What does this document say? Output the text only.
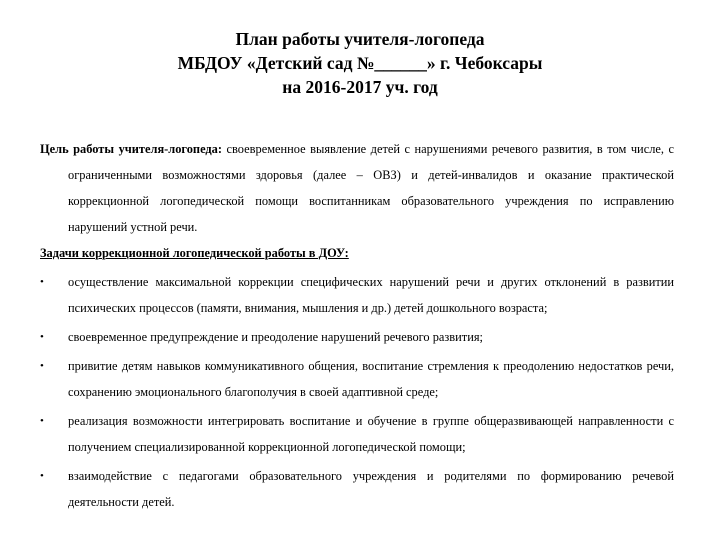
План работы учителя-логопеда
МБДОУ «Детский сад №______» г. Чебоксары
на 2016-2017 уч. год
Цель работы учителя-логопеда: своевременное выявление детей с нарушениями речевого развития, в том числе, с ограниченными возможностями здоровья (далее – ОВЗ) и детей-инвалидов и оказание практической коррекционной логопедической помощи воспитанникам образовательного учреждения по исправлению нарушений устной речи.
Задачи коррекционной логопедической работы в ДОУ:
• осуществление максимальной коррекции специфических нарушений речи и других отклонений в развитии психических процессов (памяти, внимания, мышления и др.) детей дошкольного возраста;
• своевременное предупреждение и преодоление нарушений речевого развития;
• привитие детям навыков коммуникативного общения, воспитание стремления к преодолению недостатков речи, сохранению эмоционального благополучия в своей адаптивной среде;
• реализация возможности интегрировать воспитание и обучение в группе общеразвивающей направленности с получением специализированной коррекционной логопедической помощи;
• взаимодействие с педагогами образовательного учреждения и родителями по формированию речевой деятельности детей.
